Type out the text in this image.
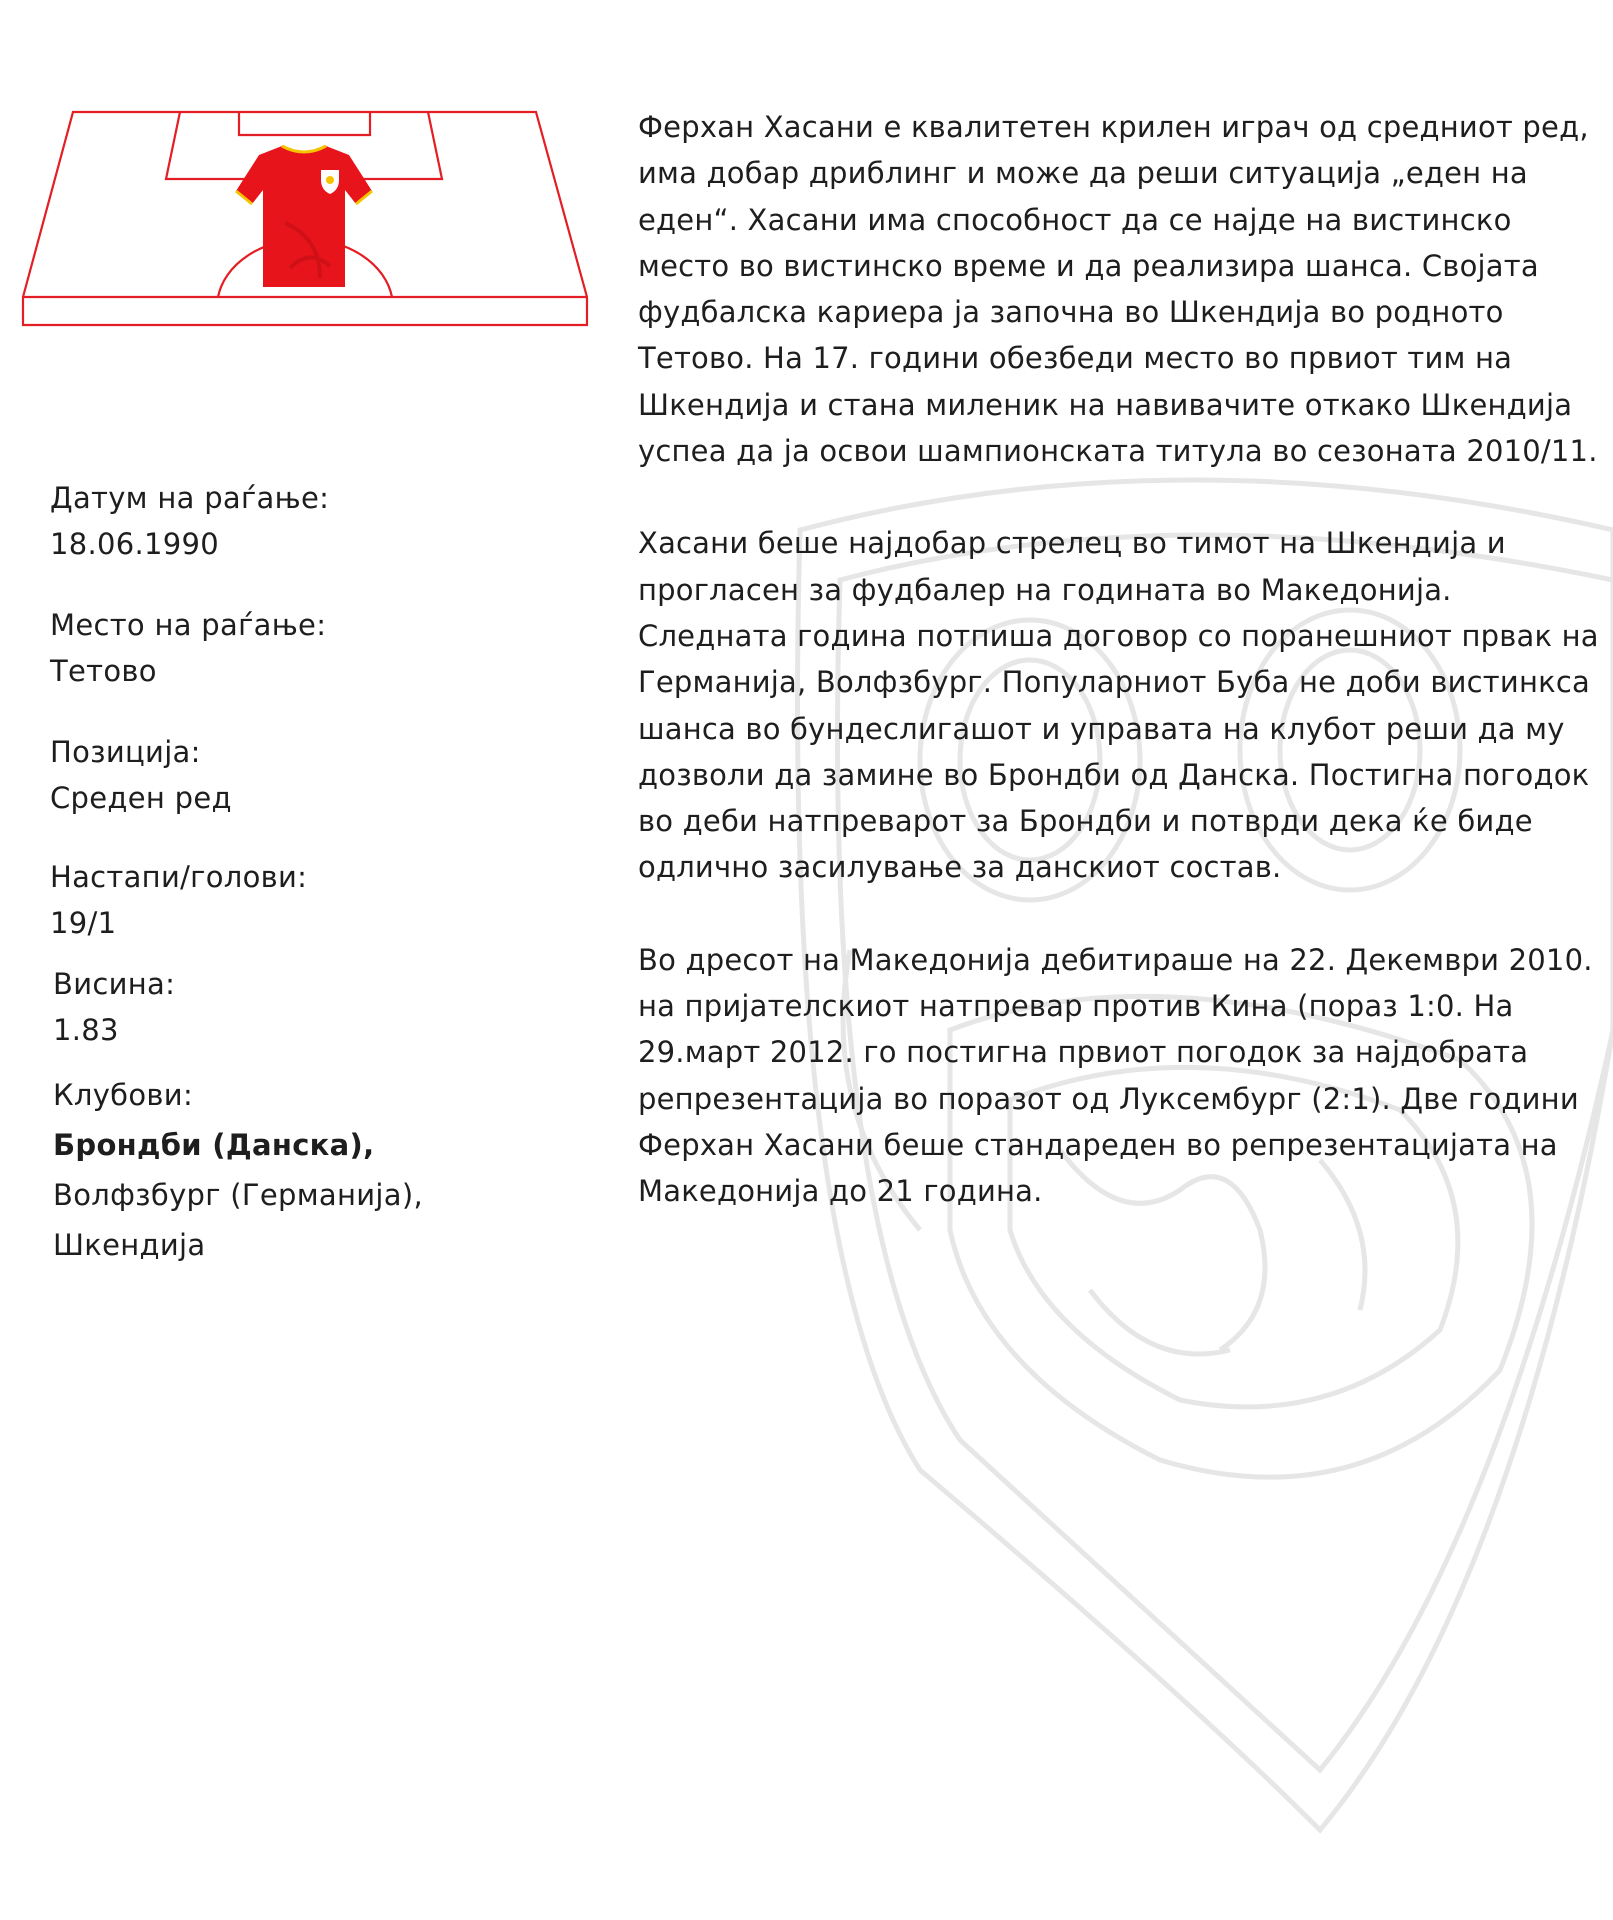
Датум на раѓање:
18.06.1990
Место на раѓање:
Тетово
Позиција:
Среден ред
Настапи/голови:
19/1
Висина:
1.83
Клубови:
Брондби (Данска),
Волфзбург (Германија),
Шкендија

Ферхан Хасани е квалитетен крилен играч од средниот ред,
има добар дриблинг и може да реши ситуација „еден на
еден“. Хасани има способност да се најде на вистинско
место во вистинско време и да реализира шанса. Својата
фудбалска кариера ја започна во Шкендија во родното
Тетово. На 17. години обезбеди место во првиот тим на
Шкендија и стана миленик на навивачите откако Шкендија
успеа да ја освои шампионската титула во сезоната 2010/11.

Хасани беше најдобар стрелец во тимот на Шкендија и
прогласен за фудбалер на годината во Македонија.
Следната година потпиша договор со поранешниот првак на
Германија, Волфзбург. Популарниот Буба не доби вистинкса
шанса во бундеслигашот и управата на клубот реши да му
дозволи да замине во Брондби од Данска. Постигна погодок
во деби натпреварот за Брондби и потврди дека ќе биде
одлично засилување за данскиот состав.

Во дресот на Македонија дебитираше на 22. Декември 2010.
на пријателскиот натпревар против Кина (пораз 1:0. На
29.март 2012. го постигна првиот погодок за најдобрата
репрезентација во поразот од Луксембург (2:1). Две години
Ферхан Хасани беше стандареден во репрезентацијата на
Македонија до 21 година.
